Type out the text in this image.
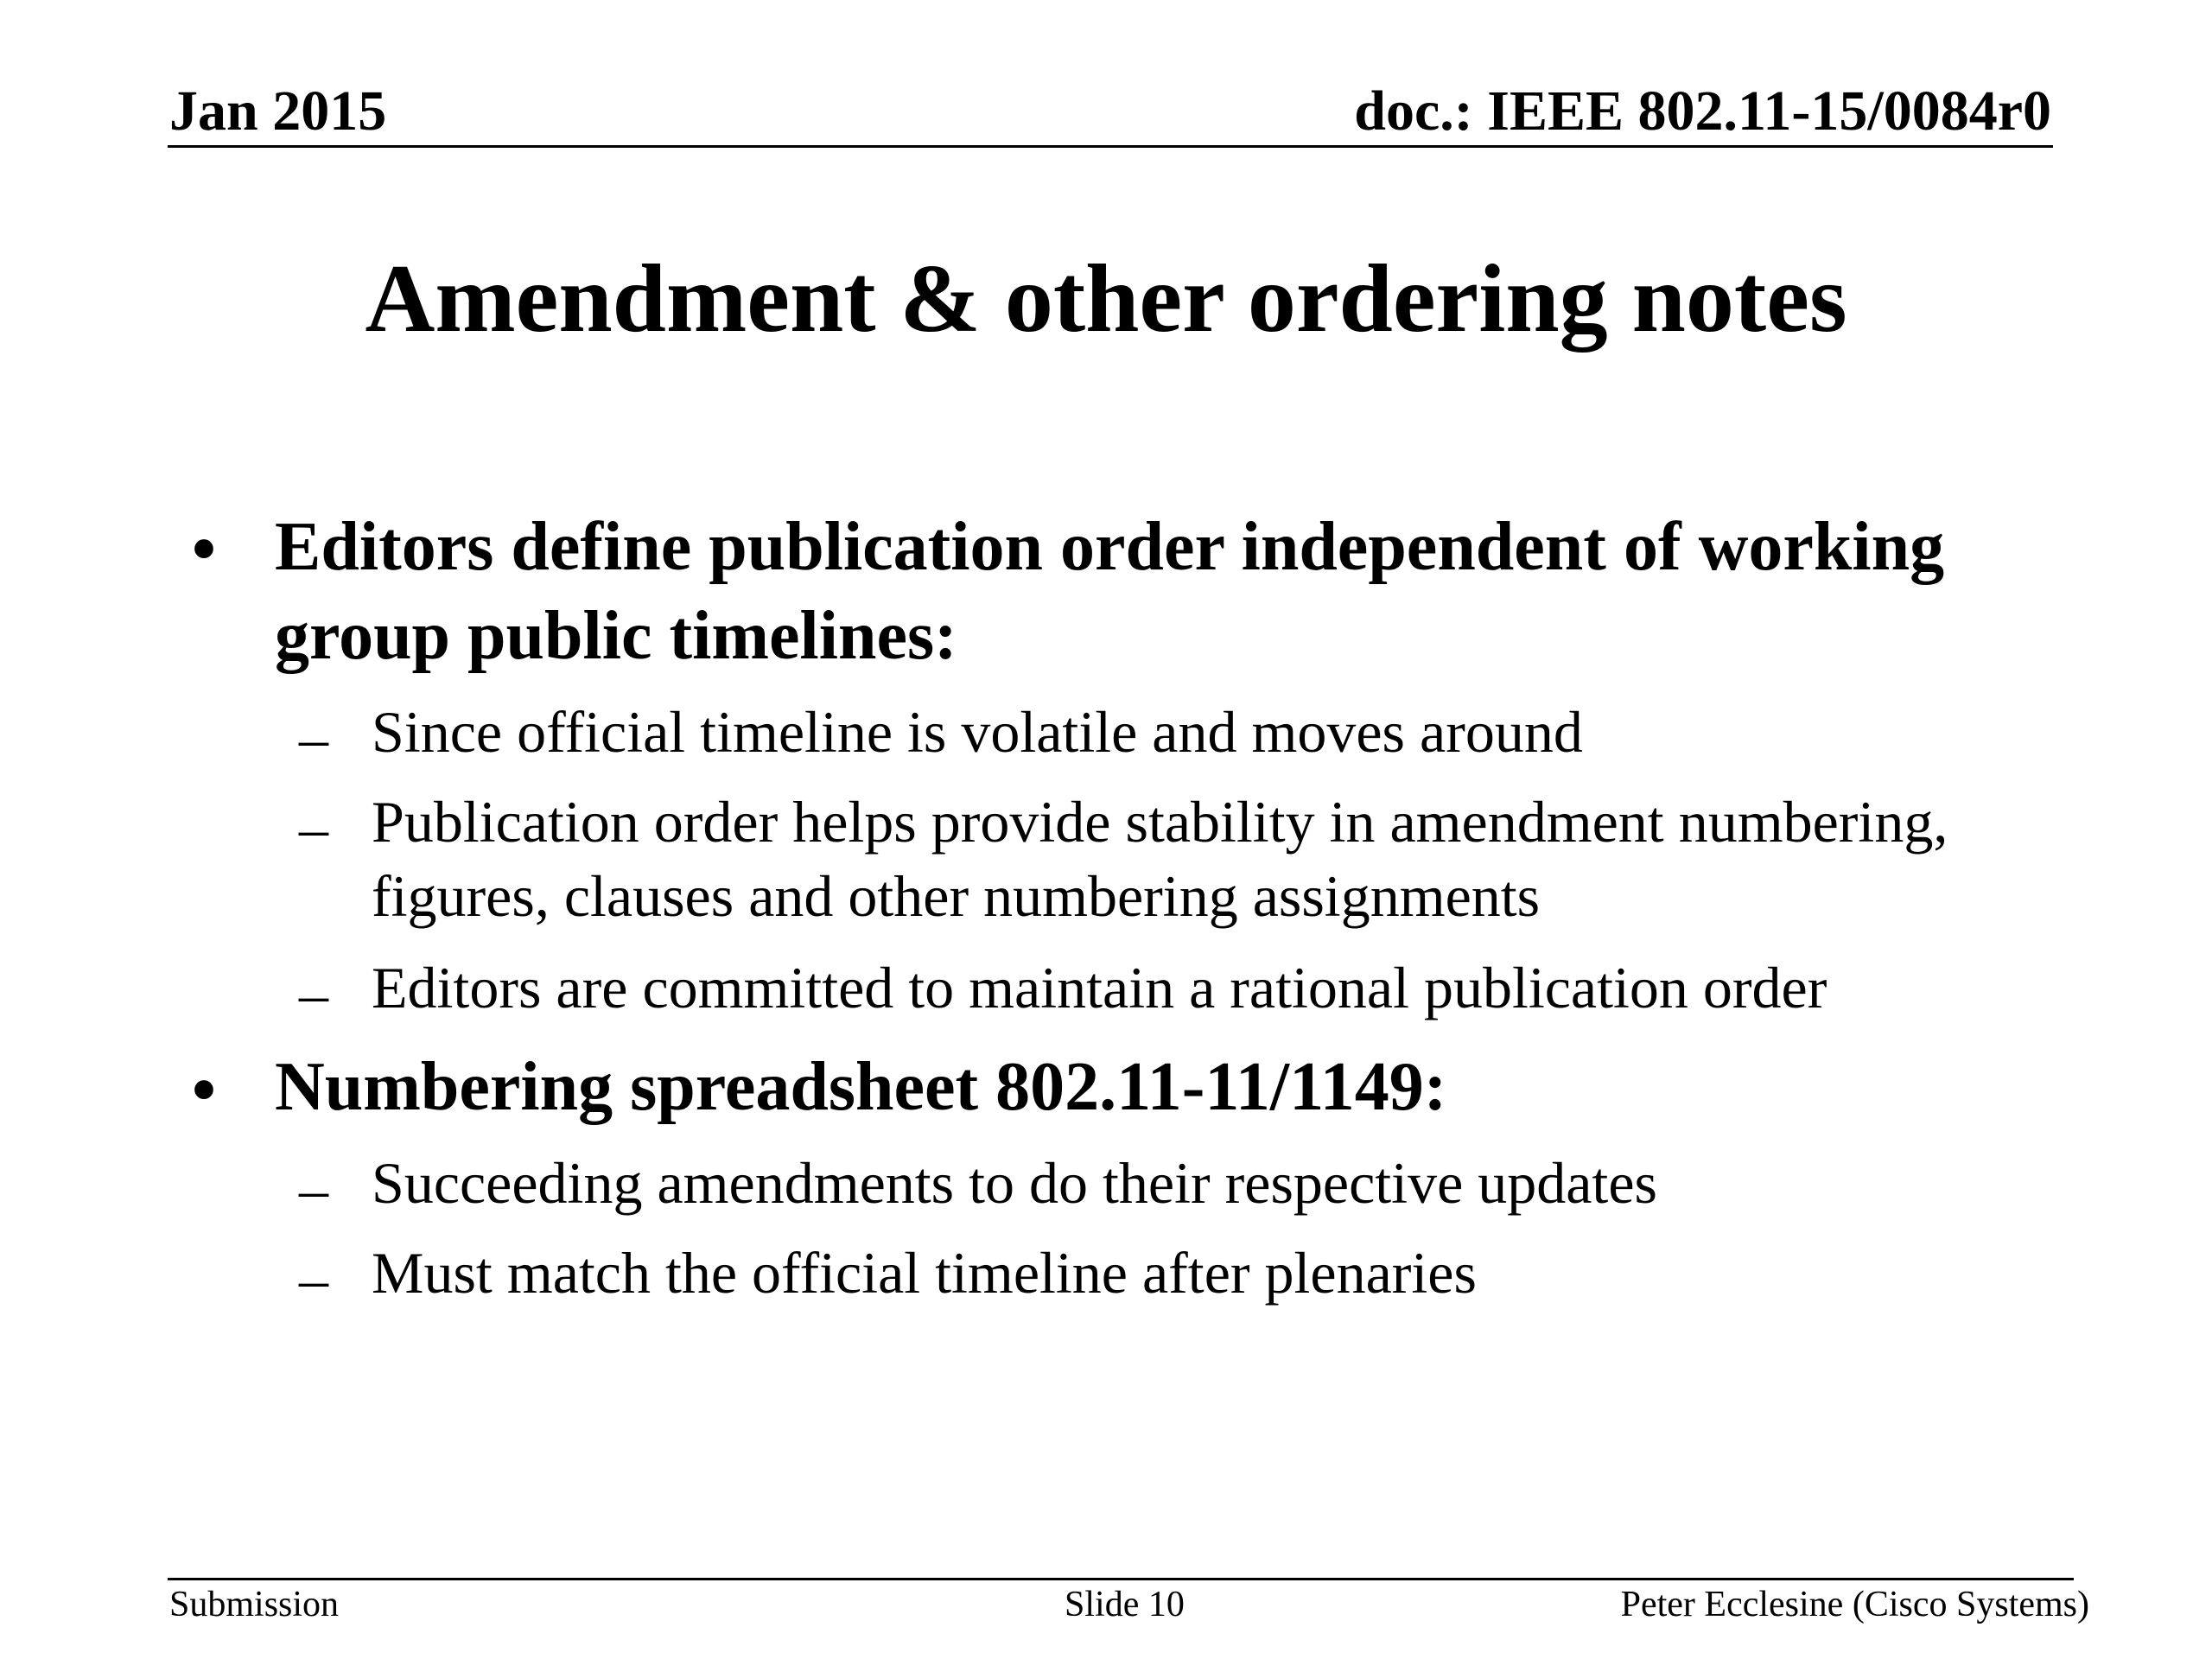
Jan 2015	doc.: IEEE 802.11-15/0084r0
Amendment & other ordering notes
• Editors define publication order independent of working group public timelines:
– Since official timeline is volatile and moves around
– Publication order helps provide stability in amendment numbering, figures, clauses and other numbering assignments
– Editors are committed to maintain a rational publication order
• Numbering spreadsheet 802.11-11/1149:
– Succeeding amendments to do their respective updates
– Must match the official timeline after plenaries
Submission	Slide 10	Peter Ecclesine (Cisco Systems)
